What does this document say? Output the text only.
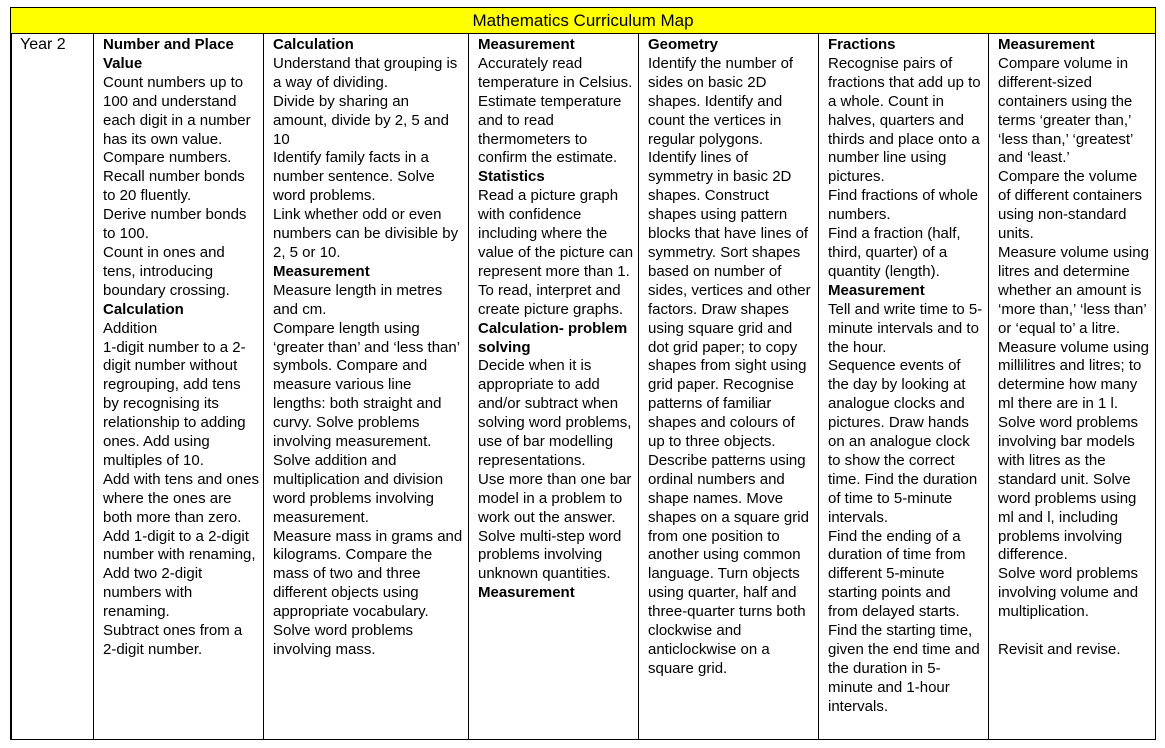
Mathematics Curriculum Map
Year 2	Number and Place Value
Count numbers up to 100 and understand each digit in a number has its own value.
Compare numbers.
Recall number bonds to 20 fluently.
Derive number bonds to 100.
Count in ones and tens, introducing boundary crossing.
Calculation
Addition
1-digit number to a 2-digit number without regrouping, add tens by recognising its relationship to adding ones. Add using multiples of 10.
Add with tens and ones where the ones are both more than zero. Add 1-digit to a 2-digit number with renaming, Add two 2-digit numbers with renaming.
Subtract ones from a 2-digit number.
Calculation
Understand that grouping is a way of dividing.
Divide by sharing an amount, divide by 2, 5 and 10
Identify family facts in a number sentence. Solve word problems.
Link whether odd or even numbers can be divisible by 2, 5 or 10.
Measurement
Measure length in metres and cm.
Compare length using ‘greater than’ and ‘less than’ symbols. Compare and measure various line lengths: both straight and curvy. Solve problems involving measurement.
Solve addition and multiplication and division word problems involving measurement.
Measure mass in grams and kilograms. Compare the mass of two and three different objects using appropriate vocabulary.
Solve word problems involving mass.
Measurement
Accurately read temperature in Celsius. Estimate temperature and to read thermometers to confirm the estimate.
Statistics
Read a picture graph with confidence including where the value of the picture can represent more than 1.
To read, interpret and create picture graphs.
Calculation- problem solving
Decide when it is appropriate to add and/or subtract when solving word problems, use of bar modelling representations.
Use more than one bar model in a problem to work out the answer. Solve multi-step word problems involving unknown quantities.
Measurement
Geometry
Identify the number of sides on basic 2D shapes. Identify and count the vertices in regular polygons. Identify lines of symmetry in basic 2D shapes. Construct shapes using pattern blocks that have lines of symmetry. Sort shapes based on number of sides, vertices and other factors. Draw shapes using square grid and dot grid paper; to copy shapes from sight using grid paper. Recognise patterns of familiar shapes and colours of up to three objects. Describe patterns using ordinal numbers and shape names. Move shapes on a square grid from one position to another using common language. Turn objects using quarter, half and three-quarter turns both clockwise and anticlockwise on a square grid.
Fractions
Recognise pairs of fractions that add up to a whole. Count in halves, quarters and thirds and place onto a number line using pictures.
Find fractions of whole numbers.
Find a fraction (half, third, quarter) of a quantity (length).
Measurement
Tell and write time to 5-minute intervals and to the hour.
Sequence events of the day by looking at analogue clocks and pictures. Draw hands on an analogue clock to show the correct time. Find the duration of time to 5-minute intervals.
Find the ending of a duration of time from different 5-minute starting points and from delayed starts.
Find the starting time, given the end time and the duration in 5-minute and 1-hour intervals.
Measurement
Compare volume in different-sized containers using the terms ‘greater than,’ ‘less than,’ ‘greatest’ and ‘least.’
Compare the volume of different containers using non-standard units.
Measure volume using litres and determine whether an amount is ‘more than,’ ‘less than’ or ‘equal to’ a litre.
Measure volume using millilitres and litres; to determine how many ml there are in 1 l. Solve word problems involving bar models with litres as the standard unit. Solve word problems using ml and l, including problems involving difference.
Solve word problems involving volume and multiplication.
Revisit and revise.
